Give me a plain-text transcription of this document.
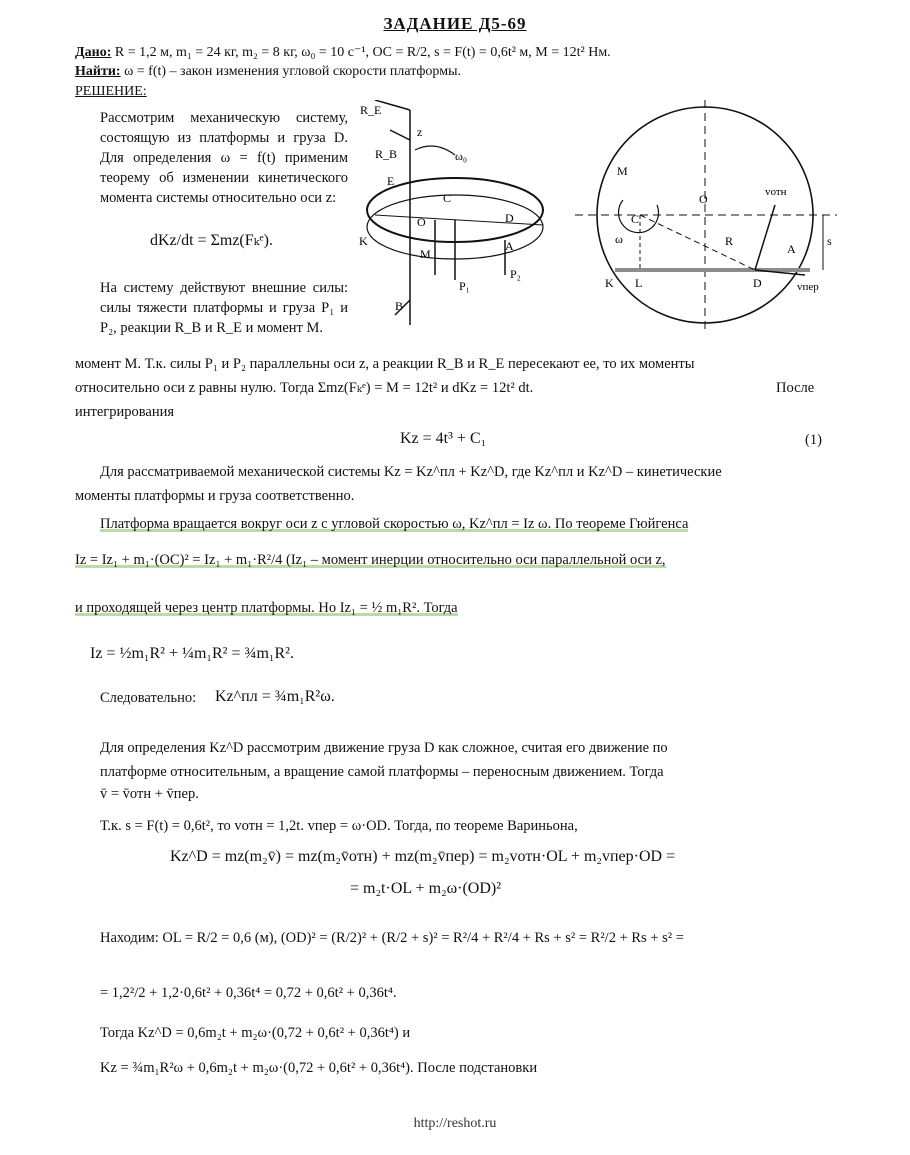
ЗАДАНИЕ Д5-69
Дано: R = 1,2 м, m₁ = 24 кг, m₂ = 8 кг, ω₀ = 10 с⁻¹, OC = R/2, s = F(t) = 0,6t² м, M = 12t² Нм.
Найти: ω = f(t) – закон изменения угловой скорости платформы.
РЕШЕНИЕ:
Рассмотрим механическую систему, состоящую из платформы и груза D. Для определения ω = f(t) применим теорему об изменении кинетического момента системы относительно оси z:
dKz/dt = Σmz(Fₖᵉ).
На систему действуют внешние силы: силы тяжести платформы и груза P₁ и P₂, реакции R_B и R_E и момент M.
R_E
z
R_B	ω₀
E
C
O	D
K	A
M
P₁
P₂
B
M
O
C
ω
vотн
vпер
R
A
L
K	D
s
момент M. Т.к. силы P₁ и P₂ параллельны оси z, а реакции R_B и R_E пересекают ее, то их моменты
относительно оси z равны нулю. Тогда Σmz(Fₖᵉ) = M = 12t² и dKz = 12t² dt.	После
интегрирования
Kz = 4t³ + C₁	(1)
Для рассматриваемой механической системы Kz = Kz^пл + Kz^D, где Kz^пл и Kz^D – кинетические
моменты платформы и груза соответственно.
Платформа вращается вокруг оси z с угловой скоростью ω, Kz^пл = Iz ω. По теореме Гюйгенса
Iz = Iz₁ + m₁·(OC)² = Iz₁ + m₁·R²/4 (Iz₁ – момент инерции относительно оси параллельной оси z,
и проходящей через центр платформы. Но Iz₁ = ½ m₁R². Тогда
Iz = ½m₁R² + ¼m₁R² = ¾m₁R².
Следовательно: Kz^пл = ¾m₁R²ω.
Для определения Kz^D рассмотрим движение груза D как сложное, считая его движение по
платформе относительным, а вращение самой платформы – переносным движением. Тогда
v̄ = v̄отн + v̄пер.
Т.к. s = F(t) = 0,6t², то vотн = 1,2t. vпер = ω·OD. Тогда, по теореме Вариньона,
Kz^D = mz(m₂v̄) = mz(m₂v̄отн) + mz(m₂v̄пер) = m₂vотн·OL + m₂vпер·OD =
= m₂t·OL + m₂ω·(OD)²
Находим: OL = R/2 = 0,6 (м), (OD)² = (R/2)² + (R/2 + s)² = R²/4 + R²/4 + Rs + s² = R²/2 + Rs + s² =
= 1,2²/2 + 1,2·0,6t² + 0,36t⁴ = 0,72 + 0,6t² + 0,36t⁴.
Тогда Kz^D = 0,6m₂t + m₂ω·(0,72 + 0,6t² + 0,36t⁴) и
Kz = ¾m₁R²ω + 0,6m₂t + m₂ω·(0,72 + 0,6t² + 0,36t⁴). После подстановки
http://reshot.ru
